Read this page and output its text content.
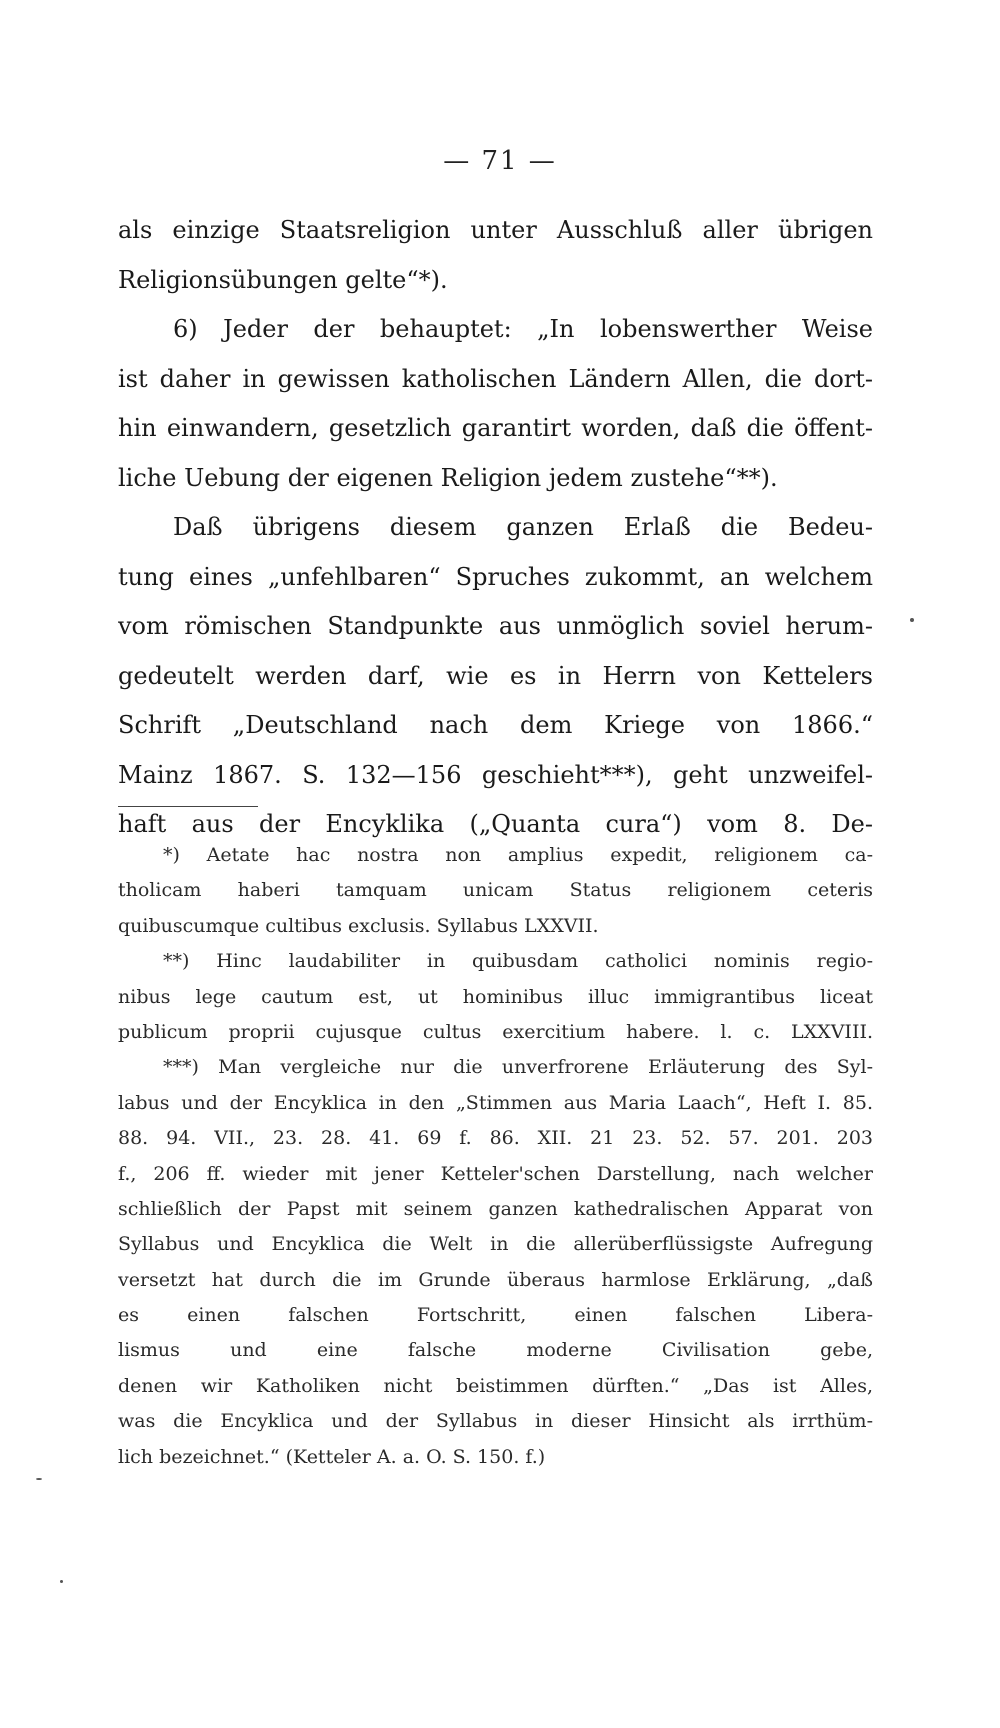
— 71 —
als einzige Staatsreligion unter Ausschluß aller übrigen
Religionsübungen gelte“*).
6) Jeder der behauptet: „In lobenswerther Weise
ist daher in gewissen katholischen Ländern Allen, die dort-
hin einwandern, gesetzlich garantirt worden, daß die öffent-
liche Uebung der eigenen Religion jedem zustehe“**).
Daß übrigens diesem ganzen Erlaß die Bedeu-
tung eines „unfehlbaren“ Spruches zukommt, an welchem
vom römischen Standpunkte aus unmöglich soviel herum-
gedeutelt werden darf, wie es in Herrn von Kettelers
Schrift „Deutschland nach dem Kriege von 1866.“
Mainz 1867. S. 132—156 geschieht***), geht unzweifel-
haft aus der Encyklika („Quanta cura“) vom 8. De-
*) Aetate hac nostra non amplius expedit, religionem ca-
tholicam haberi tamquam unicam Status religionem ceteris
quibuscumque cultibus exclusis. Syllabus LXXVII.
**) Hinc laudabiliter in quibusdam catholici nominis regio-
nibus lege cautum est, ut hominibus illuc immigrantibus liceat
publicum proprii cujusque cultus exercitium habere. l. c. LXXVIII.
***) Man vergleiche nur die unverfrorene Erläuterung des Syl-
labus und der Encyklica in den „Stimmen aus Maria Laach“, Heft I. 85.
88. 94. VII., 23. 28. 41. 69 f. 86. XII. 21 23. 52. 57. 201. 203
f., 206 ff. wieder mit jener Ketteler'schen Darstellung, nach welcher
schließlich der Papst mit seinem ganzen kathedralischen Apparat von
Syllabus und Encyklica die Welt in die allerüberflüssigste Aufregung
versetzt hat durch die im Grunde überaus harmlose Erklärung, „daß
es einen falschen Fortschritt, einen falschen Libera-
lismus und eine falsche moderne Civilisation gebe,
denen wir Katholiken nicht beistimmen dürften.“ „Das ist Alles,
was die Encyklica und der Syllabus in dieser Hinsicht als irrthüm-
lich bezeichnet.“ (Ketteler A. a. O. S. 150. f.)
